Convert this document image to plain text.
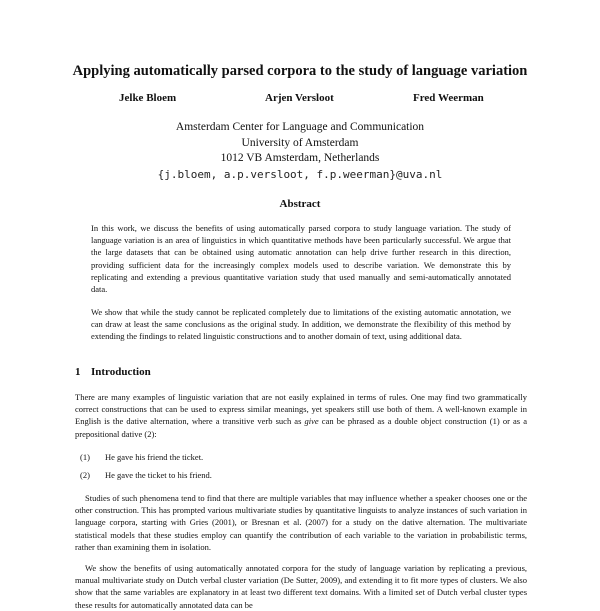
Applying automatically parsed corpora to the study of language variation
Jelke Bloem	Arjen Versloot	Fred Weerman
Amsterdam Center for Language and Communication
University of Amsterdam
1012 VB Amsterdam, Netherlands
{j.bloem, a.p.versloot, f.p.weerman}@uva.nl
Abstract
In this work, we discuss the benefits of using automatically parsed corpora to study language variation. The study of language variation is an area of linguistics in which quantitative methods have been particularly successful. We argue that the large datasets that can be obtained using automatic annotation can help drive further research in this direction, providing sufficient data for the increasingly complex models used to describe variation. We demonstrate this by replicating and extending a previous quantitative variation study that used manually and semi-automatically annotated data.
We show that while the study cannot be replicated completely due to limitations of the existing automatic annotation, we can draw at least the same conclusions as the original study. In addition, we demonstrate the flexibility of this method by extending the findings to related linguistic constructions and to another domain of text, using additional data.
1 Introduction
There are many examples of linguistic variation that are not easily explained in terms of rules. One may find two grammatically correct constructions that can be used to express similar meanings, yet speakers still use both of them. A well-known example in English is the dative alternation, where a transitive verb such as give can be phrased as a double object construction (1) or as a prepositional dative (2):
(1) He gave his friend the ticket.
(2) He gave the ticket to his friend.
Studies of such phenomena tend to find that there are multiple variables that may influence whether a speaker chooses one or the other construction. This has prompted various multivariate studies by quantitative linguists to analyze instances of such variation in language corpora, starting with Gries (2001), or Bresnan et al. (2007) for a study on the dative alternation. The multivariate statistical models that these studies employ can quantify the contribution of each variable to the variation in probabilistic terms, rather than examining them in isolation.
We show the benefits of using automatically annotated corpora for the study of language variation by replicating a previous, manual multivariate study on Dutch verbal cluster variation (De Sutter, 2009), and extending it to fit more types of clusters. We also show that the same variables are explanatory in at least two different text domains. With a limited set of Dutch verbal cluster types these results for automatically annotated data can be
